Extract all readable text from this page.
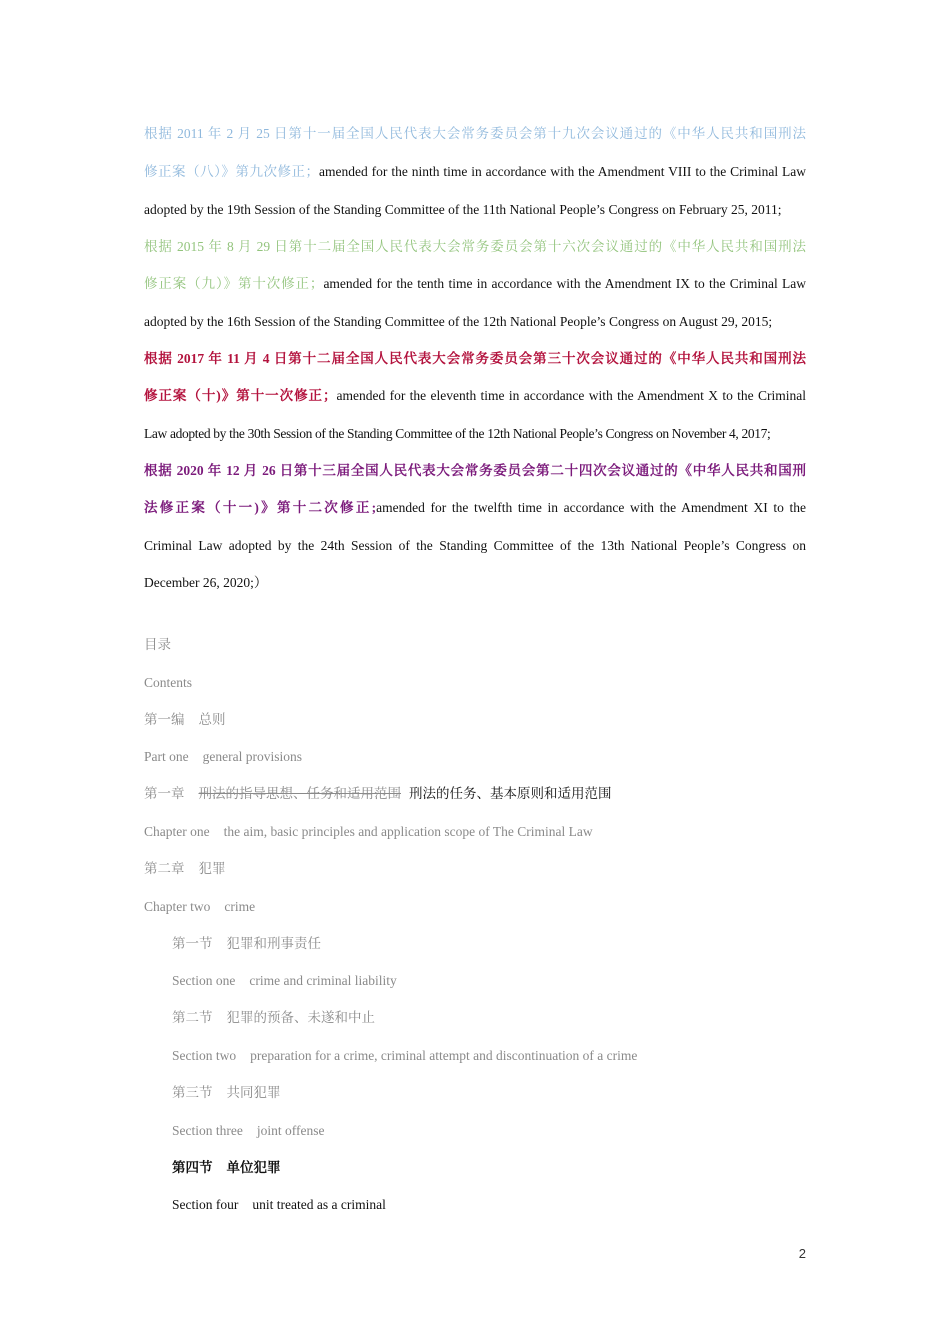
根据 2011 年 2 月 25 日第十一届全国人民代表大会常务委员会第十九次会议通过的《中华人民共和国刑法
修正案（八）》第九次修正；amended for the ninth time in accordance with the Amendment VIII to the Criminal Law
adopted by the 19th Session of the Standing Committee of the 11th National People’s Congress on February 25, 2011;
根据 2015 年 8 月 29 日第十二届全国人民代表大会常务委员会第十六次会议通过的《中华人民共和国刑法
修正案（九）》第十次修正；amended for the tenth time in accordance with the Amendment IX to the Criminal Law
adopted by the 16th Session of the Standing Committee of the 12th National People’s Congress on August 29, 2015;
根据 2017 年 11 月 4 日第十二届全国人民代表大会常务委员会第三十次会议通过的《中华人民共和国刑法
修正案（十)》第十一次修正；amended for the eleventh time in accordance with the Amendment X to the Criminal
Law adopted by the 30th Session of the Standing Committee of the 12th National People’s Congress on November 4, 2017;
根据 2020 年 12 月 26 日第十三届全国人民代表大会常务委员会第二十四次会议通过的《中华人民共和国刑
法修正案（十一)》第十二次修正;amended for the twelfth time in accordance with the Amendment XI to the
Criminal Law adopted by the 24th Session of the Standing Committee of the 13th National People’s Congress on
December 26, 2020;）
目录
Contents
第一编 总则
Part one general provisions
第一章 刑法的指导思想、任务和适用范围 刑法的任务、基本原则和适用范围
Chapter one the aim, basic principles and application scope of The Criminal Law
第二章 犯罪
Chapter two crime
第一节 犯罪和刑事责任
Section one crime and criminal liability
第二节 犯罪的预备、未遂和中止
Section two preparation for a crime, criminal attempt and discontinuation of a crime
第三节 共同犯罪
Section three joint offense
第四节 单位犯罪
Section four unit treated as a criminal
2
